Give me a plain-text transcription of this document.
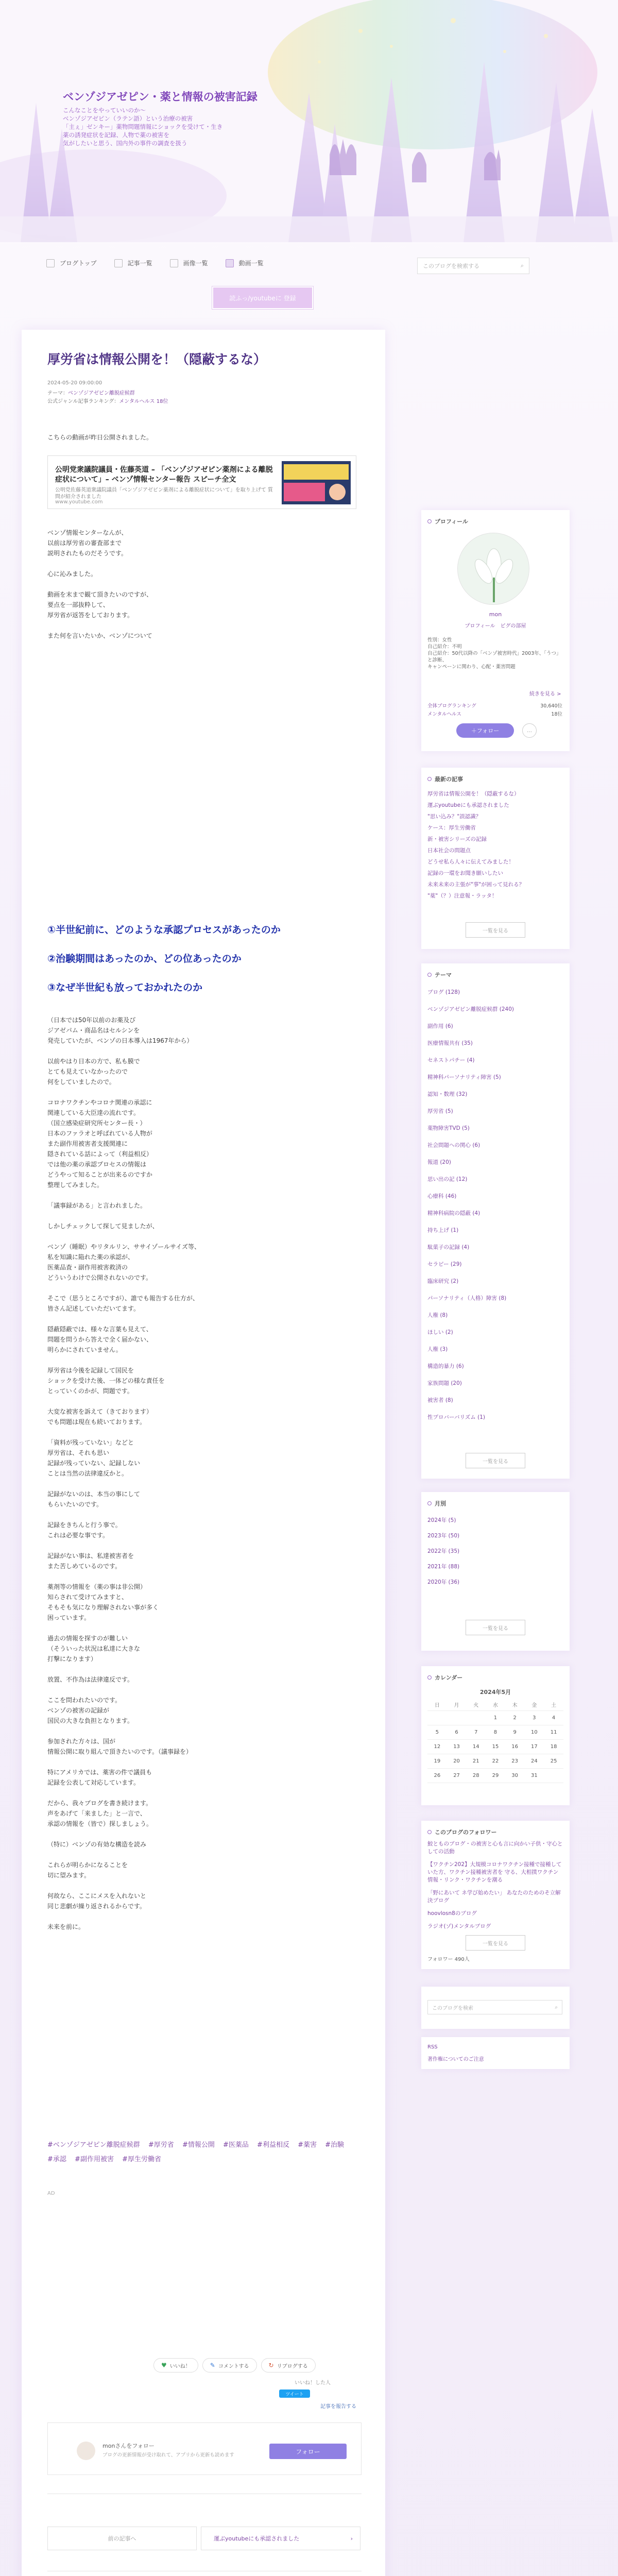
ベンゾジアゼピン・薬と情報の被害記録
こんなことをやっていいのか～
ベンゾジアゼピン（ラテン語）という治療の被害
「主ぇ」ゼンキー」薬物問題情報にショックを受けて・生き
薬の誘発症状を記録、人物で薬の被害を
気がしたいと思う、国内外の事件の調査を扱う
ブログトップ	記事一覧	画像一覧	動画一覧	このブログを検索する	⌕
読ふっ/youtubeに 登録
厚労省は情報公開を！（隠蔽するな）
2024-05-20 09:00:00
テーマ：ベンゾジアゼピン離脱症候群
公式ジャンル記事ランキング：メンタルヘルス 18位
こちらの動画が昨日公開されました。
公明党衆議院議員・佐藤英道 – 「ベンゾジアゼピン薬剤による離脱症状について」– ベンゾ情報センター報告 スピーチ全文
公明党佐藤英道衆議院議員「ベンゾジアゼピン薬剤による離脱症状について」を取り上げて 質問が紹介されました
www.youtube.com
ベンゾ情報センターなんが、
以前は厚労省の審査部まで
説明されたものだそうです。

心に沁みました。

動画を末まで観て頂きたいのですが、
要点を一部抜粋して、
厚労省が返答をしております。

また何を言いたいか、ベンゾについて
①半世紀前に、どのような承認プロセスがあったのか
②治験期間はあったのか、どの位あったのか
③なぜ半世紀も放っておかれたのか
（日本では50年以前のお薬及び
ジアゼパム・商品名はセルシンを
発売していたが、ベンゾの日本導入は1967年から）

以前やはり日本の方で、私も膜で
とても見えていなかったので
何をしていましたので。

コロナワクチンやコロナ関連の承認に
関連している大臣達の流れです。
（国立感染症研究所センター長・）
日本のファラオと呼ばれている人物が
また副作用被害者支援関連に
隠されている話によって（利益相反）
では他の薬の承認プロセスの情報は
どうやって知ることが出来るのですか
整理してみました。

「議事録がある」と言われました。

しかしチェックして探して見ましたが、

ベンゾ（睡眠）やリタルリン、ササイゾールサイズ等、
私を知識に陥れた薬の承認が、
医薬品査・副作用被害救済の
どういうわけで公開されないのです。

そこで（思うところですが）、誰でも報告する仕方が、
皆さん記述していただいてます。

隠蔽隠蔽では、様々な言葉も見えて、
問題を問うから答えで全く届かない、
明らかにされていません。

厚労省は今後を記録して国民を
ショックを受けた後、一体どの様な責任を
とっていくのかが、問題です。

大変な被害を訴えて（きております）
でも問題は現在も続いております。

「資料が残っていない」などと
厚労省は、それも思い
記録が残っていない、記録しない
ことは当然の法律違反かと。

記録がないのは、本当の事にして
もらいたいのです。

記録をきちんと行う事で。
これは必要な事です。

記録がない事は、私達被害者を
また苦しめているのです。

薬剤等の情報を（薬の事は非公開）
知らされて受けてみますと、
そもそも気になり理解されない事が多く
困っています。

過去の情報を探すのが難しい
（そういった状況は私達に大きな
打撃になります）

放置、不作為は法律違反です。

ここを問われたいのです。
ベンゾの被害の記録が
国民の大きな負担となります。

参加された方々は、国が
情報公開に取り組んで頂きたいのです。（議事録を）

特にアメリカでは、薬害の件で議員も
記録を公表して対応しています。

だから、我々ブログを書き続けます。
声をあげて「来ました」と一言で、
承認の情報を（皆で）探しましょう。

（特に）ベンゾの有効な構造を読み

これらが明らかになることを
切に望みます。

何故なら、ここにメスを入れないと
同じ悲劇が繰り返されるからです。

未来を前に。
#ベンゾジアゼピン離脱症候群 #厚労省 #情報公開 #医薬品 #利益相反 #薬害 #治験 #承認 #副作用被害 #厚生労働省
AD
♥ いいね！	✎ コメントする	↻ リブログする
いいね！した人
ツイート
記事を報告する
monさんをフォロー
ブログの更新情報が受け取れて、アプリから更新も読めます	フォロー
前の記事へ	運ぶyoutubeにも承認されました	›
プロフィール
mon
プロフィール　ピグの部屋
性別：女性
自己紹介：不明
自己紹介：50代以降の「ベンゾ被害時代」2003年、「うつ」と診断、
キャンペーンに関わり、心配・薬害問題
続きを見る >
全体ブログランキング	30,640位
メンタルヘルス	18位
＋フォロー	…
最新の記事
厚労省は情報公開を！（隠蔽するな）
運ぶyoutubeにも承認されました
"思い込み？"誤認識？
ケース：厚生労働省
新・被害シリーズの記録
日本社会の問題点
どうせ私ら人々に伝えてみました！
記録の一環をお聞き願いしたい
未来未来の主張が"事"が困って見れる？
"薬"（？）注意報・ラッタ！
一覧を見る
テーマ
ブログ (128)
ベンゾジアゼピン離脱症候群 (240)
副作用 (6)
医療情報共有 (35)
セネストパチー (4)
精神科パーソナリティ障害 (5)
認知・数理 (32)
厚労省 (5)
薬物障害TVD (5)
社会問題への関心 (6)
報道 (20)
思い出の記 (12)
心療科 (46)
精神科病院の隠蔽 (4)
持ち上げ (1)
駄菓子の記録 (4)
セラピー (29)
臨床研究 (2)
パーソナリティ（人格）障害 (8)
人権 (8)
ほしい (2)
人権 (3)
構造的暴力 (6)
家族問題 (20)
被害者 (8)
性プロバーバリズム (1)
一覧を見る
月別
2024年 (5)
2023年 (50)
2022年 (35)
2021年 (88)
2020年 (36)
一覧を見る
カレンダー
2024年5月
日	月	火	水	木	金	土
			1	2	3	4
5	6	7	8	9	10	11
12	13	14	15	16	17	18
19	20	21	22	23	24	25
26	27	28	29	30	31	
このブログのフォロワー
鮫とものブログ・の被害と心も言に向かい子供・守心としての活動
【ワクチン202】大規模コロナワクチン接種で接種していた方、ワクチン接種被害者を 守る、大相撲ワクチン情報・リンク・ワクチンを潮る
「野にあいて ネ学び始めたい」 あなたのためのそ立解決ブログ
hoovlosn8のブログ
ラジオ(ゾ)メンタルブログ
一覧を見る
フォロワー 490人
このブログを検索	⌕
RSS
著作権についてのご注意
